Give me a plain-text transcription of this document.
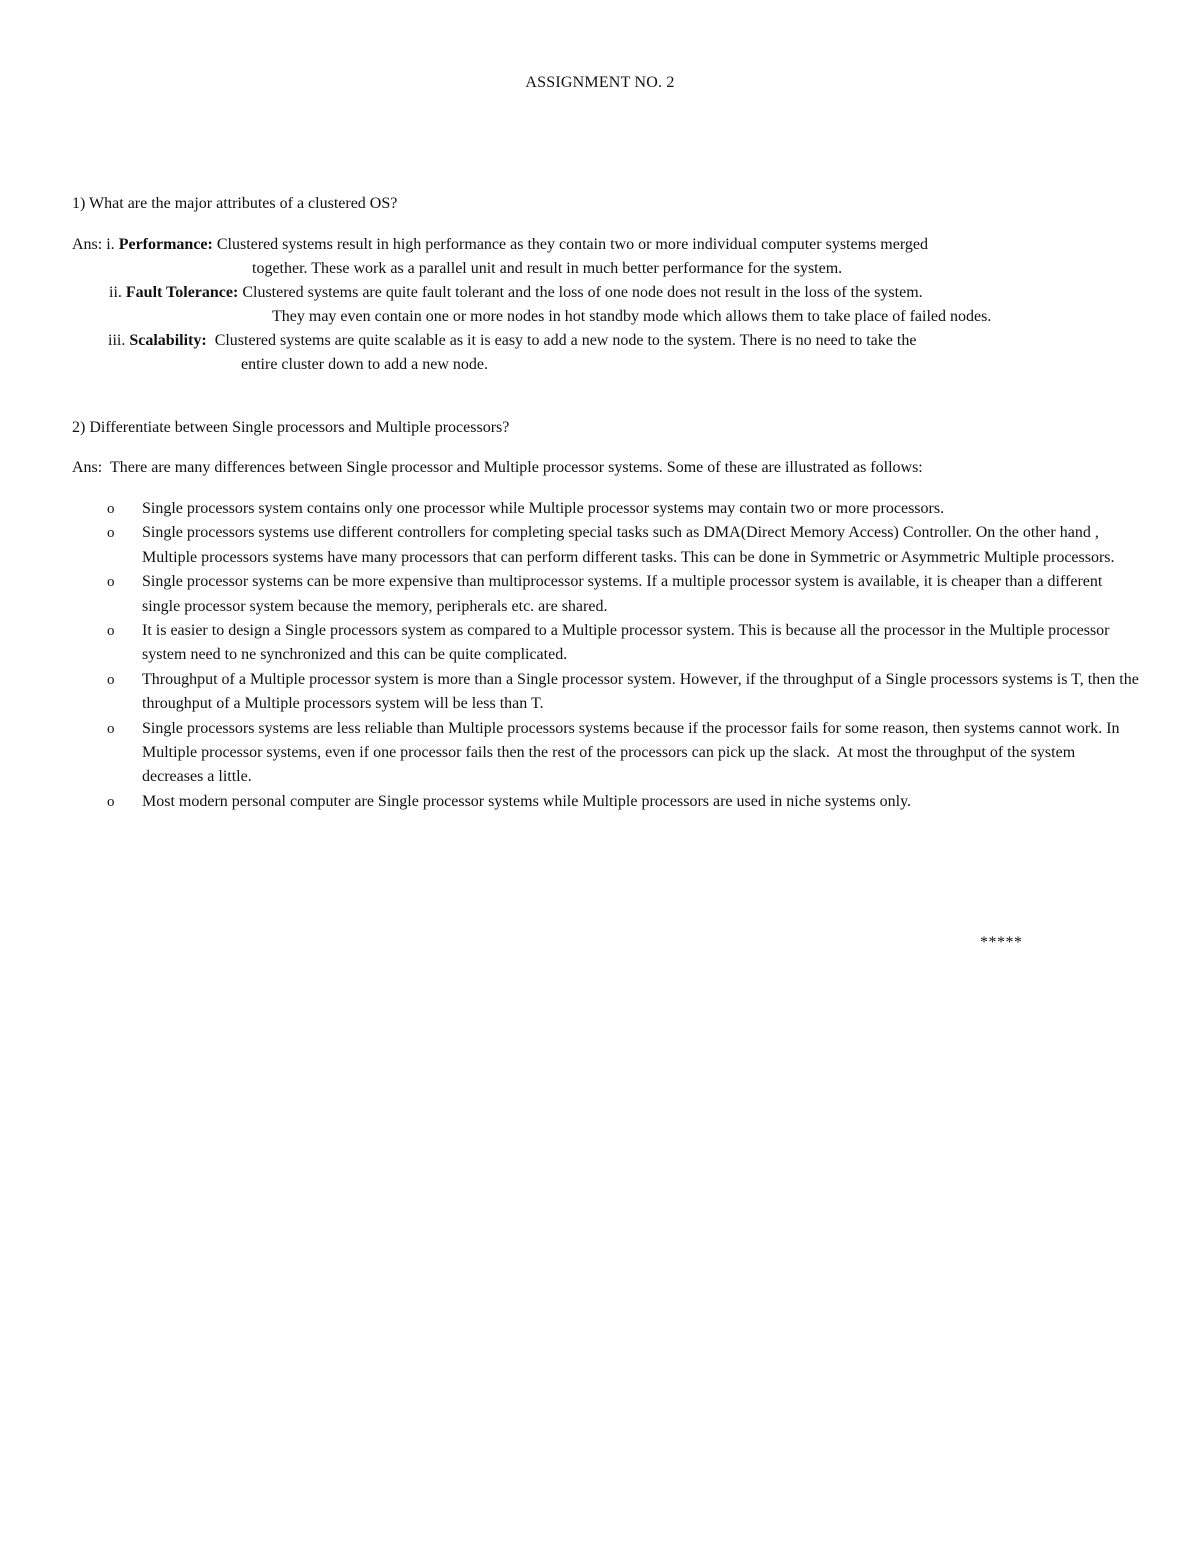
ASSIGNMENT NO. 2
1) What are the major attributes of a clustered OS?
Ans: i. Performance: Clustered systems result in high performance as they contain two or more individual computer systems merged
together. These work as a parallel unit and result in much better performance for the system.
ii. Fault Tolerance: Clustered systems are quite fault tolerant and the loss of one node does not result in the loss of the system.
They may even contain one or more nodes in hot standby mode which allows them to take place of failed nodes.
iii. Scalability:  Clustered systems are quite scalable as it is easy to add a new node to the system. There is no need to take the
entire cluster down to add a new node.
2) Differentiate between Single processors and Multiple processors?
Ans:  There are many differences between Single processor and Multiple processor systems. Some of these are illustrated as follows:
o Single processors system contains only one processor while Multiple processor systems may contain two or more processors.
o Single processors systems use different controllers for completing special tasks such as DMA(Direct Memory Access) Controller. On the other hand , Multiple processors systems have many processors that can perform different tasks. This can be done in Symmetric or Asymmetric Multiple processors.
o Single processor systems can be more expensive than multiprocessor systems. If a multiple processor system is available, it is cheaper than a different single processor system because the memory, peripherals etc. are shared.
o It is easier to design a Single processors system as compared to a Multiple processor system. This is because all the processor in the Multiple processor system need to ne synchronized and this can be quite complicated.
o Throughput of a Multiple processor system is more than a Single processor system. However, if the throughput of a Single processors systems is T, then the throughput of a Multiple processors system will be less than T.
o Single processors systems are less reliable than Multiple processors systems because if the processor fails for some reason, then systems cannot work. In Multiple processor systems, even if one processor fails then the rest of the processors can pick up the slack.  At most the throughput of the system decreases a little.
o Most modern personal computer are Single processor systems while Multiple processors are used in niche systems only.
*****
